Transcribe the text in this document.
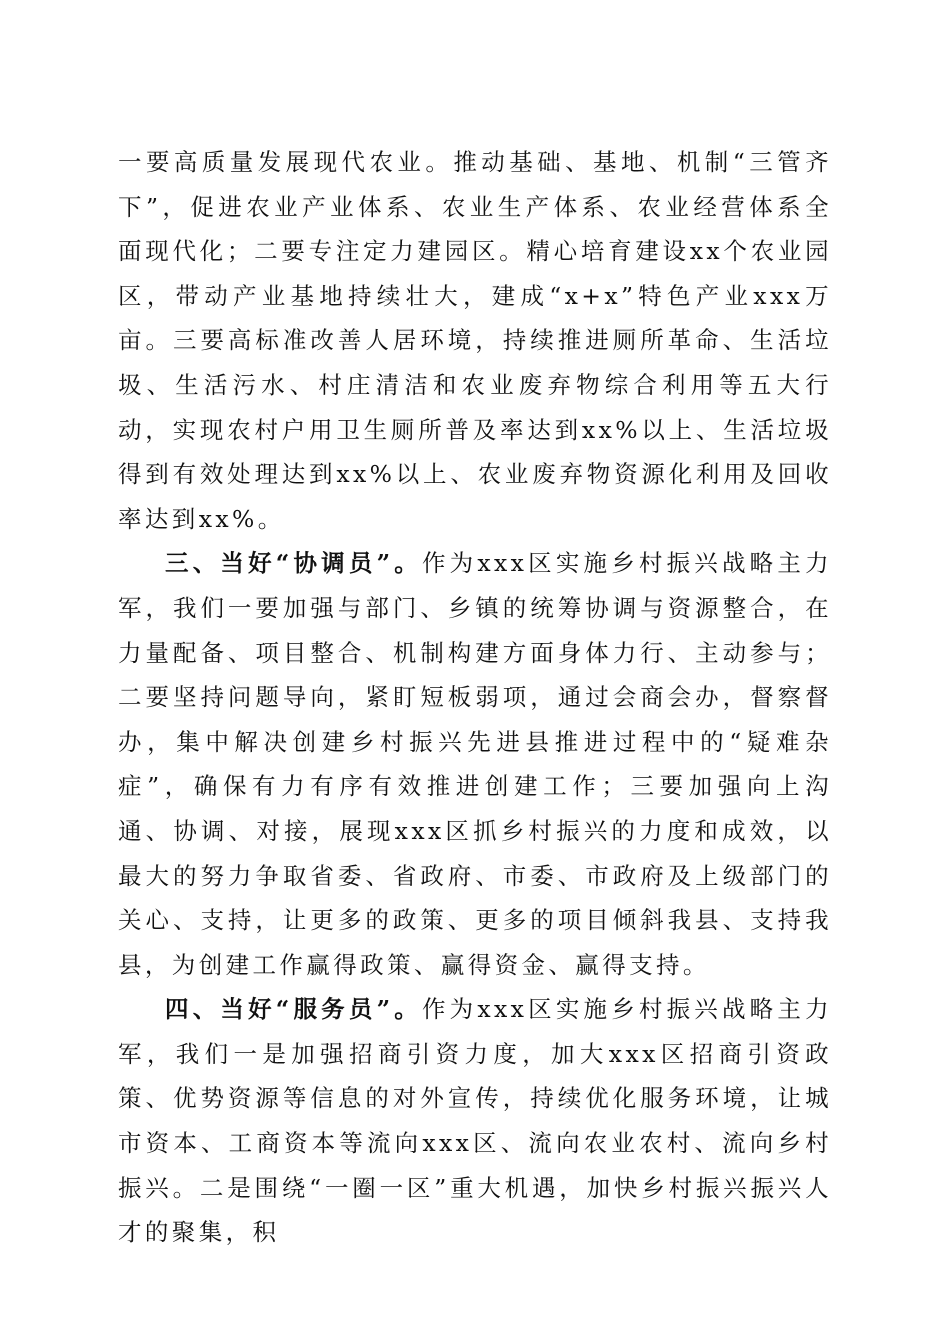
一要高质量发展现代农业。推动基础、基地、机制“三管齐下”，促进农业产业体系、农业生产体系、农业经营体系全面现代化；二要专注定力建园区。精心培育建设xx个农业园区，带动产业基地持续壮大，建成“x+x”特色产业xxx万亩。三要高标准改善人居环境，持续推进厕所革命、生活垃圾、生活污水、村庄清洁和农业废弃物综合利用等五大行动，实现农村户用卫生厕所普及率达到xx%以上、生活垃圾得到有效处理达到xx%以上、农业废弃物资源化利用及回收率达到xx%。

三、当好“协调员”。作为xxx区实施乡村振兴战略主力军，我们一要加强与部门、乡镇的统筹协调与资源整合，在力量配备、项目整合、机制构建方面身体力行、主动参与；二要坚持问题导向，紧盯短板弱项，通过会商会办，督察督办，集中解决创建乡村振兴先进县推进过程中的“疑难杂症”，确保有力有序有效推进创建工作；三要加强向上沟通、协调、对接，展现xxx区抓乡村振兴的力度和成效，以最大的努力争取省委、省政府、市委、市政府及上级部门的关心、支持，让更多的政策、更多的项目倾斜我县、支持我县，为创建工作赢得政策、赢得资金、赢得支持。

四、当好“服务员”。作为xxx区实施乡村振兴战略主力军，我们一是加强招商引资力度，加大xxx区招商引资政策、优势资源等信息的对外宣传，持续优化服务环境，让城市资本、工商资本等流向xxx区、流向农业农村、流向乡村振兴。二是围绕“一圈一区”重大机遇，加快乡村振兴振兴人才的聚集，积
